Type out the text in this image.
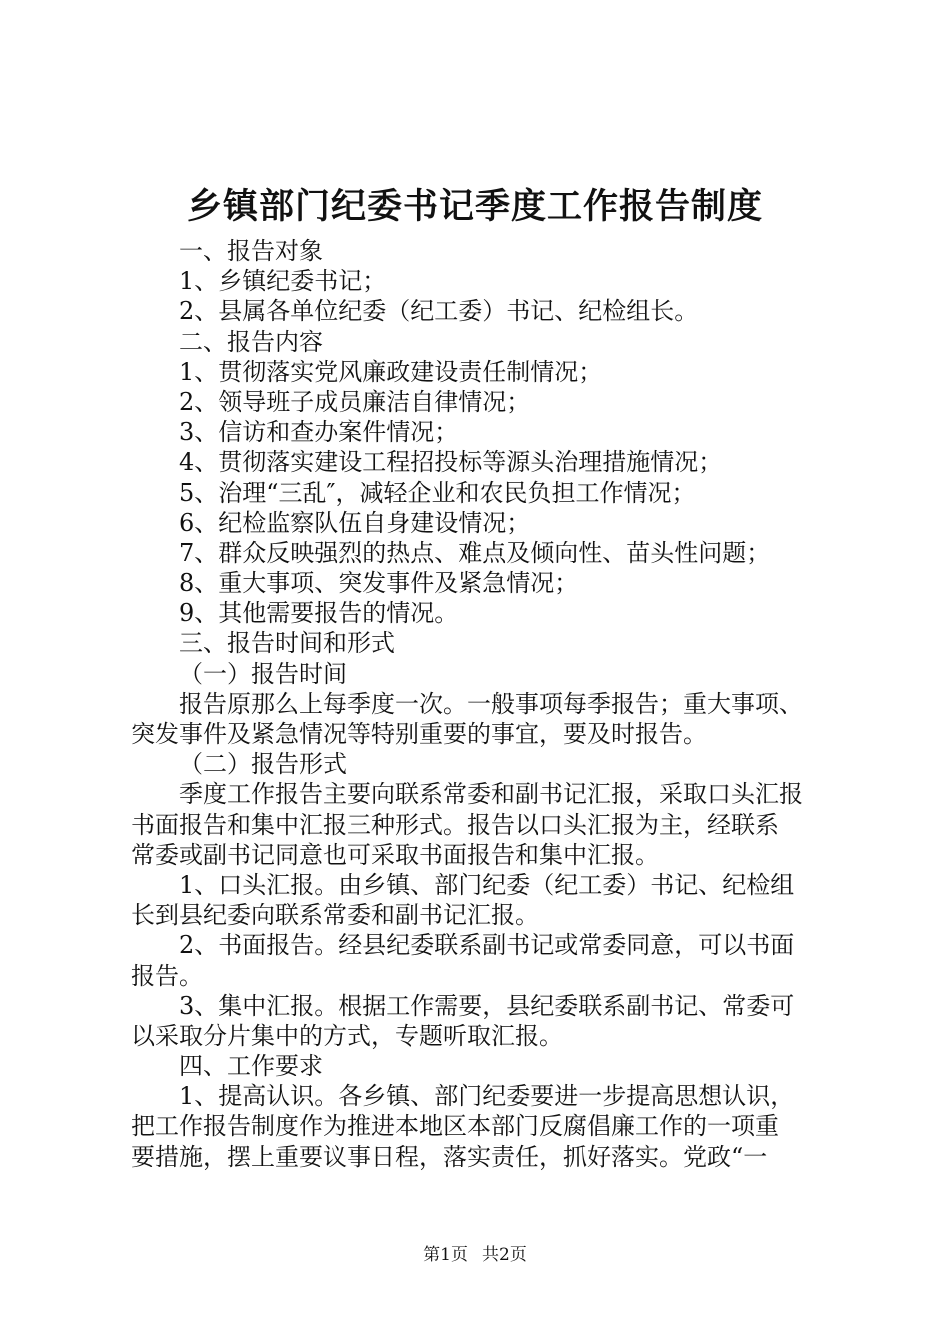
乡镇部门纪委书记季度工作报告制度
一、报告对象
1、乡镇纪委书记；
2、县属各单位纪委（纪工委）书记、纪检组长。
二、报告内容
1、贯彻落实党风廉政建设责任制情况；
2、领导班子成员廉洁自律情况；
3、信访和查办案件情况；
4、贯彻落实建设工程招投标等源头治理措施情况；
5、治理“三乱″，减轻企业和农民负担工作情况；
6、纪检监察队伍自身建设情况；
7、群众反映强烈的热点、难点及倾向性、苗头性问题；
8、重大事项、突发事件及紧急情况；
9、其他需要报告的情况。
三、报告时间和形式
（一）报告时间
报告原那么上每季度一次。一般事项每季报告；重大事项、
突发事件及紧急情况等特别重要的事宜，要及时报告。
（二）报告形式
季度工作报告主要向联系常委和副书记汇报，采取口头汇报
书面报告和集中汇报三种形式。报告以口头汇报为主，经联系
常委或副书记同意也可采取书面报告和集中汇报。
1、口头汇报。由乡镇、部门纪委（纪工委）书记、纪检组
长到县纪委向联系常委和副书记汇报。
2、书面报告。经县纪委联系副书记或常委同意，可以书面
报告。
3、集中汇报。根据工作需要，县纪委联系副书记、常委可
以采取分片集中的方式，专题听取汇报。
四、工作要求
1、提高认识。各乡镇、部门纪委要进一步提高思想认识，
把工作报告制度作为推进本地区本部门反腐倡廉工作的一项重
要措施，摆上重要议事日程，落实责任，抓好落实。党政“一
第1页 共2页
